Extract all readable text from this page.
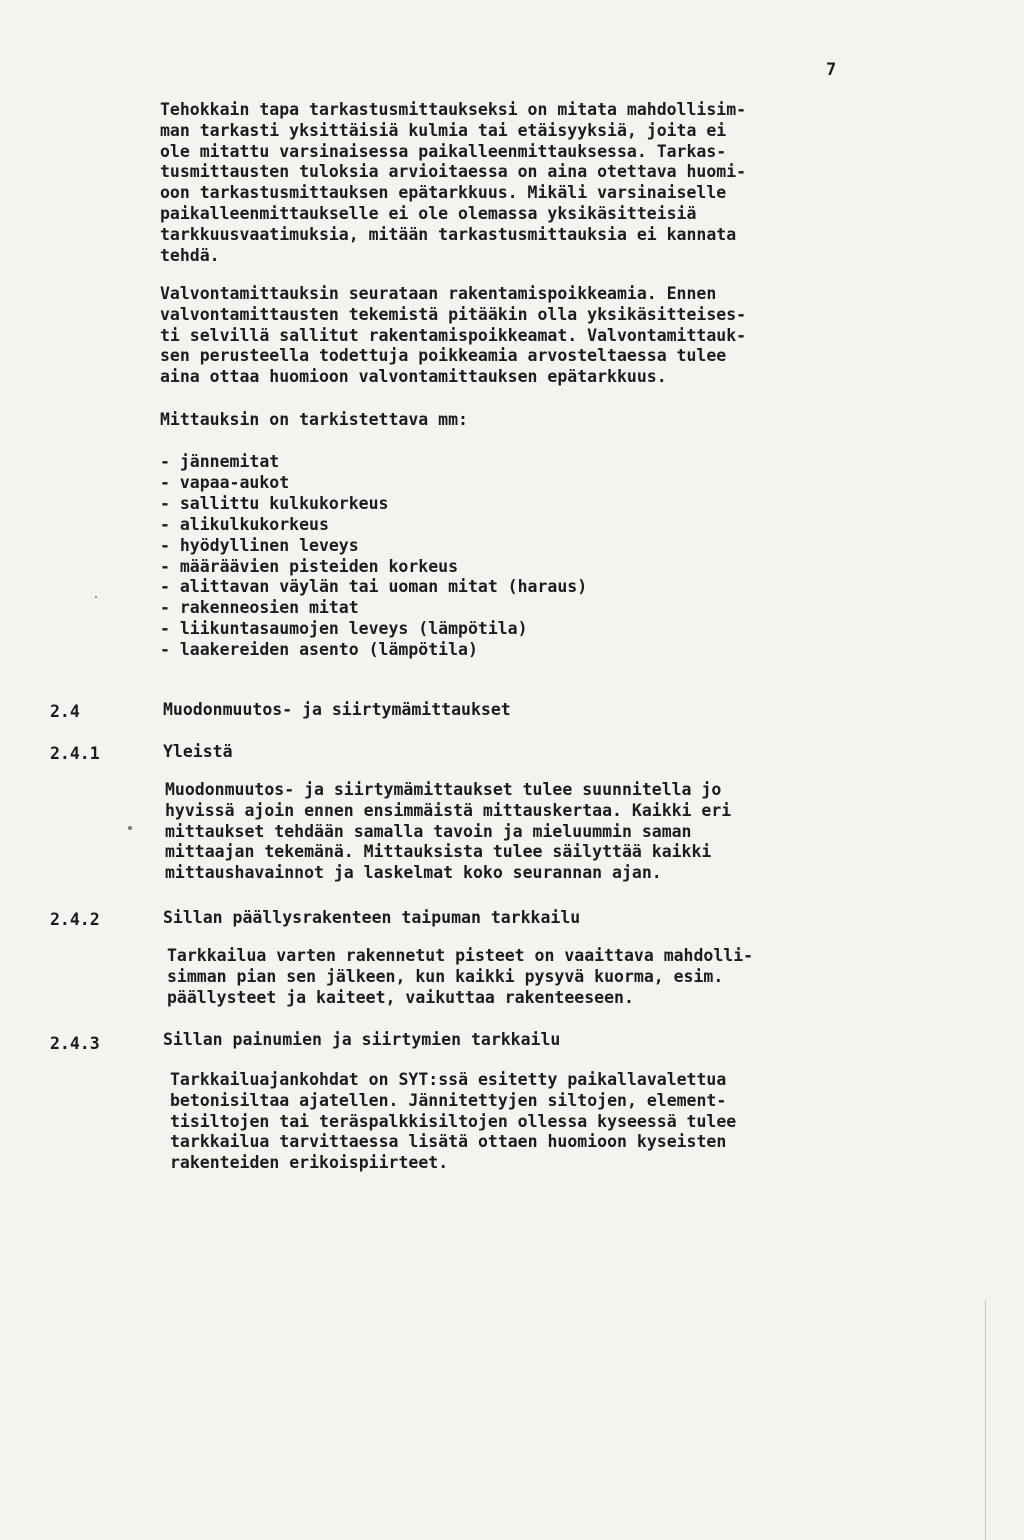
7

Tehokkain tapa tarkastusmittaukseksi on mitata mahdollisim-
man tarkasti yksittäisiä kulmia tai etäisyyksiä, joita ei
ole mitattu varsinaisessa paikalleenmittauksessa. Tarkas-
tusmittausten tuloksia arvioitaessa on aina otettava huomi-
oon tarkastusmittauksen epätarkkuus. Mikäli varsinaiselle
paikalleenmittaukselle ei ole olemassa yksikäsitteisiä
tarkkuusvaatimuksia, mitään tarkastusmittauksia ei kannata
tehdä.

Valvontamittauksin seurataan rakentamispoikkeamia. Ennen
valvontamittausten tekemistä pitääkin olla yksikäsitteises-
ti selvillä sallitut rakentamispoikkeamat. Valvontamittauk-
sen perusteella todettuja poikkeamia arvosteltaessa tulee
aina ottaa huomioon valvontamittauksen epätarkkuus.

Mittauksin on tarkistettava mm:

- jännemitat
- vapaa-aukot
- sallittu kulkukorkeus
- alikulkukorkeus
- hyödyllinen leveys
- määräävien pisteiden korkeus
- alittavan väylän tai uoman mitat (haraus)
- rakenneosien mitat
- liikuntasaumojen leveys (lämpötila)
- laakereiden asento (lämpötila)
2.4	Muodonmuutos- ja siirtymämittaukset
2.4.1	Yleistä

Muodonmuutos- ja siirtymämittaukset tulee suunnitella jo
hyvissä ajoin ennen ensimmäistä mittauskertaa. Kaikki eri
mittaukset tehdään samalla tavoin ja mieluummin saman
mittaajan tekemänä. Mittauksista tulee säilyttää kaikki
mittaushavainnot ja laskelmat koko seurannan ajan.

2.4.2	Sillan päällysrakenteen taipuman tarkkailu

Tarkkailua varten rakennetut pisteet on vaaittava mahdolli-
simman pian sen jälkeen, kun kaikki pysyvä kuorma, esim.
päällysteet ja kaiteet, vaikuttaa rakenteeseen.

2.4.3	Sillan painumien ja siirtymien tarkkailu

Tarkkailuajankohdat on SYT:ssä esitetty paikallavalettua
betonisiltaa ajatellen. Jännitettyjen siltojen, element-
tisiltojen tai teräspalkkisiltojen ollessa kyseessä tulee
tarkkailua tarvittaessa lisätä ottaen huomioon kyseisten
rakenteiden erikoispiirteet.
